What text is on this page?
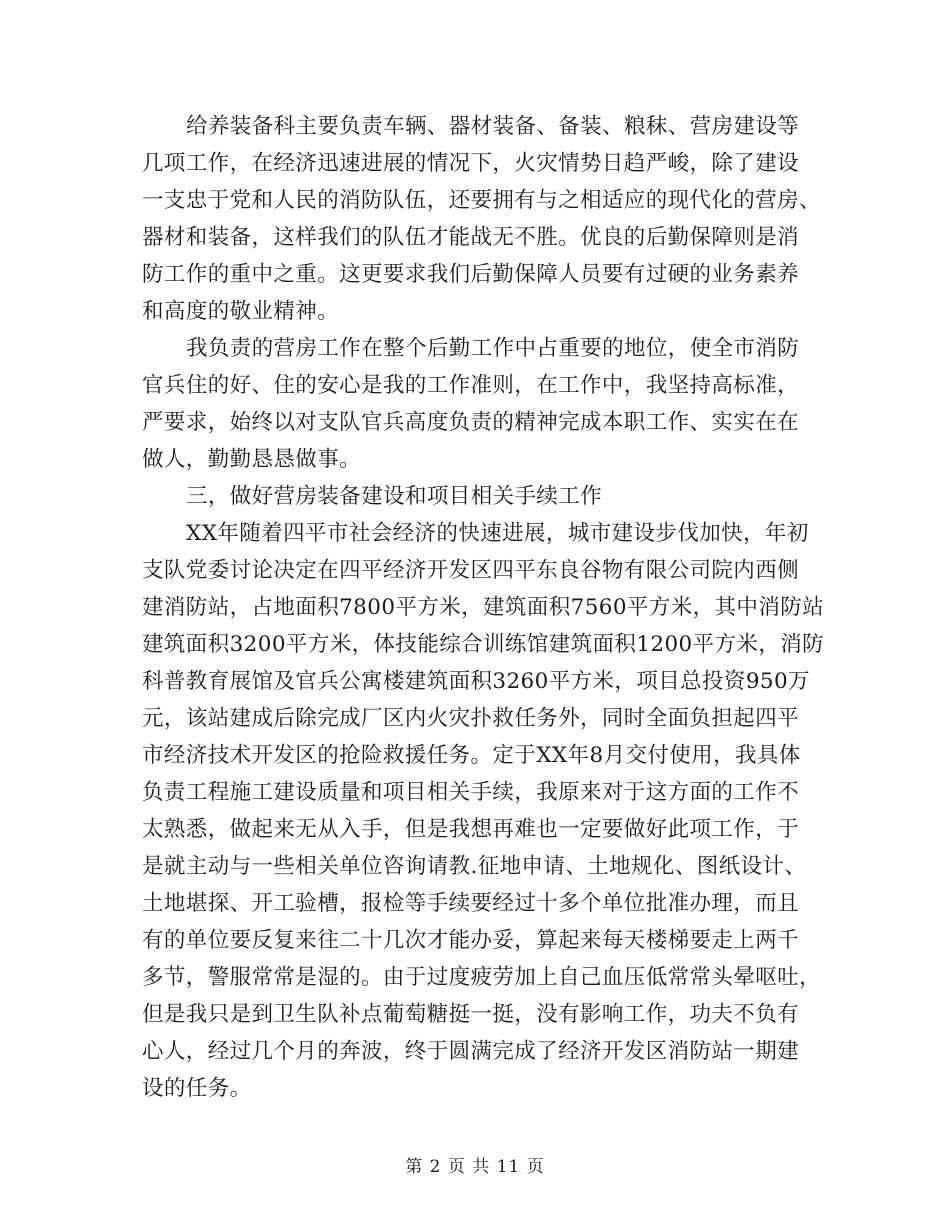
给养装备科主要负责车辆、器材装备、备装、粮秣、营房建设等
几项工作，在经济迅速进展的情况下，火灾情势日趋严峻，除了建设
一支忠于党和人民的消防队伍，还要拥有与之相适应的现代化的营房、
器材和装备，这样我们的队伍才能战无不胜。优良的后勤保障则是消
防工作的重中之重。这更要求我们后勤保障人员要有过硬的业务素养
和高度的敬业精神。
我负责的营房工作在整个后勤工作中占重要的地位，使全市消防
官兵住的好、住的安心是我的工作准则，在工作中，我坚持高标准，
严要求，始终以对支队官兵高度负责的精神完成本职工作、实实在在
做人，勤勤恳恳做事。
三，做好营房装备建设和项目相关手续工作
XX年随着四平市社会经济的快速进展，城市建设步伐加快，年初
支队党委讨论决定在四平经济开发区四平东良谷物有限公司院内西侧
建消防站，占地面积7800平方米，建筑面积7560平方米，其中消防站
建筑面积3200平方米，体技能综合训练馆建筑面积1200平方米，消防
科普教育展馆及官兵公寓楼建筑面积3260平方米，项目总投资950万
元，该站建成后除完成厂区内火灾扑救任务外，同时全面负担起四平
市经济技术开发区的抢险救援任务。定于XX年8月交付使用，我具体
负责工程施工建设质量和项目相关手续，我原来对于这方面的工作不
太熟悉，做起来无从入手，但是我想再难也一定要做好此项工作，于
是就主动与一些相关单位咨询请教.征地申请、土地规化、图纸设计、
土地堪探、开工验槽，报检等手续要经过十多个单位批准办理，而且
有的单位要反复来往二十几次才能办妥，算起来每天楼梯要走上两千
多节，警服常常是湿的。由于过度疲劳加上自己血压低常常头晕呕吐，
但是我只是到卫生队补点葡萄糖挺一挺，没有影响工作，功夫不负有
心人，经过几个月的奔波，终于圆满完成了经济开发区消防站一期建
设的任务。
第 2 页 共 11 页
